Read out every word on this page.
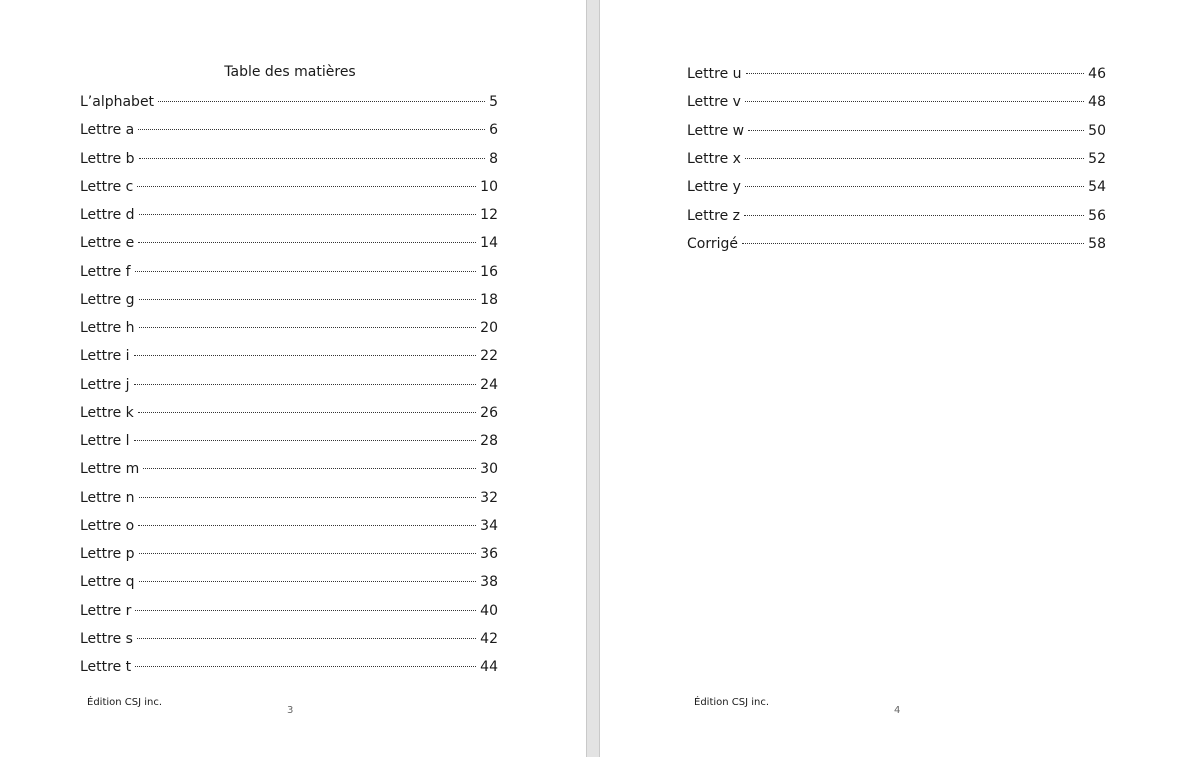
Table des matières
L’alphabet	5
Lettre a	6
Lettre b	8
Lettre c	10
Lettre d	12
Lettre e	14
Lettre f	16
Lettre g	18
Lettre h	20
Lettre i	22
Lettre j	24
Lettre k	26
Lettre l	28
Lettre m	30
Lettre n	32
Lettre o	34
Lettre p	36
Lettre q	38
Lettre r	40
Lettre s	42
Lettre t	44
Édition CSJ inc.
3
Lettre u	46
Lettre v	48
Lettre w	50
Lettre x	52
Lettre y	54
Lettre z	56
Corrigé	58
Édition CSJ inc.
4
